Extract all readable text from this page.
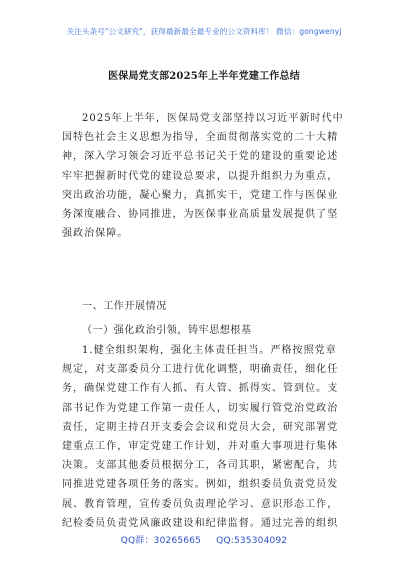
关注头条号"公文研究"，获得最新最全最专业的公文资料库！ 微信：gongwenyj
医保局党支部2025年上半年党建工作总结
2025年上半年，医保局党支部坚持以习近平新时代中
国特色社会主义思想为指导，全面贯彻落实党的二十大精
神，深入学习领会习近平总书记关于党的建设的重要论述
牢牢把握新时代党的建设总要求，以提升组织力为重点，
突出政治功能，凝心聚力，真抓实干，党建工作与医保业
务深度融合、协同推进，为医保事业高质量发展提供了坚
强政治保障。
一、工作开展情况
（一）强化政治引领，铸牢思想根基
1.健全组织架构，强化主体责任担当。严格按照党章
规定，对支部委员分工进行优化调整，明确责任，细化任
务，确保党建工作有人抓、有人管、抓得实、管到位。支
部书记作为党建工作第一责任人，切实履行管党治党政治
责任，定期主持召开支委会会议和党员大会，研究部署党
建重点工作，审定党建工作计划，并对重大事项进行集体
决策。支部其他委员根据分工，各司其职，紧密配合，共
同推进党建各项任务的落实。例如，组织委员负责党员发
展、教育管理，宣传委员负责理论学习、意识形态工作，
纪检委员负责党风廉政建设和纪律监督。通过完善的组织
QQ群：30265665 QQ:535304092
